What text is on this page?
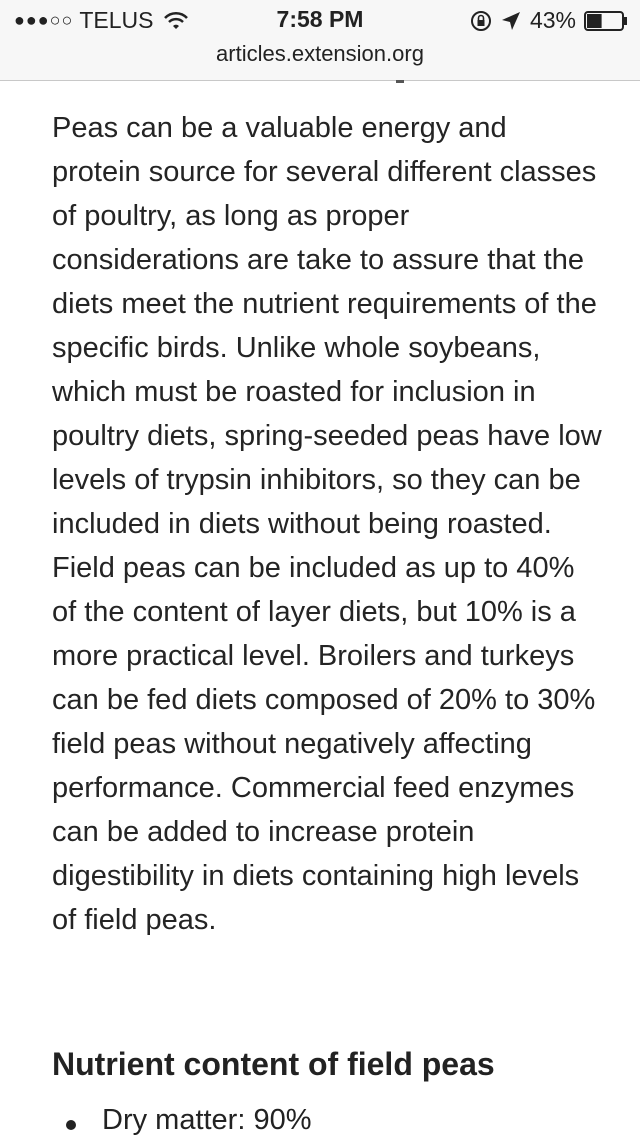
●●●○○ TELUS	7:58 PM	43%
articles.extension.org

Peas can be a valuable energy and protein source for several different classes of poultry, as long as proper considerations are take to assure that the diets meet the nutrient requirements of the specific birds. Unlike whole soybeans, which must be roasted for inclusion in poultry diets, spring-seeded peas have low levels of trypsin inhibitors, so they can be included in diets without being roasted. Field peas can be included as up to 40% of the content of layer diets, but 10% is a more practical level. Broilers and turkeys can be fed diets composed of 20% to 30% field peas without negatively affecting performance. Commercial feed enzymes can be added to increase protein digestibility in diets containing high levels of field peas.

Nutrient content of field peas
Dry matter: 90%
